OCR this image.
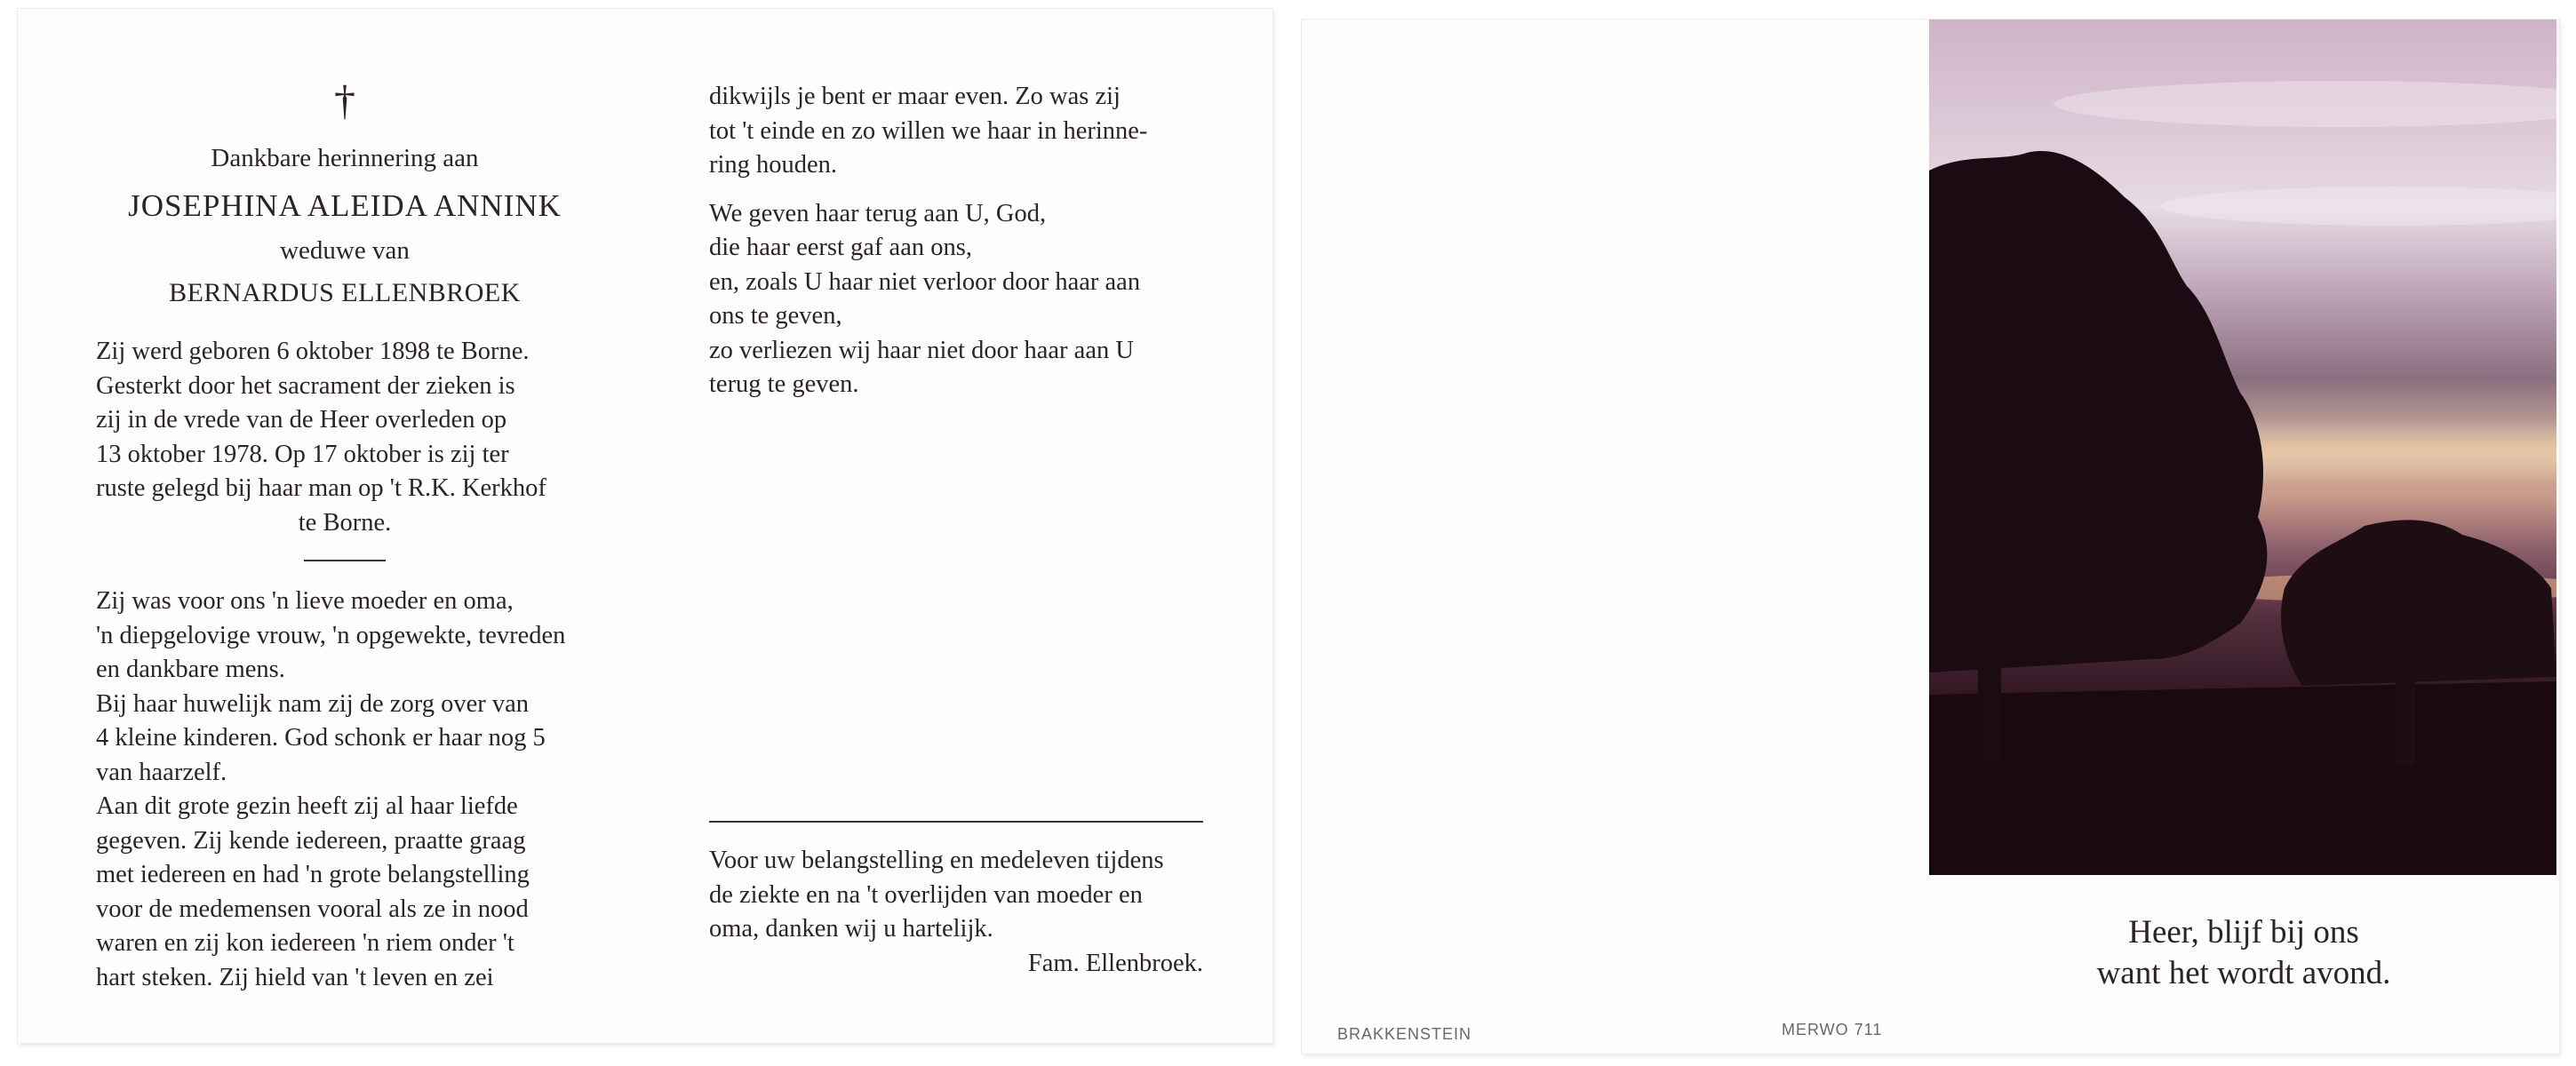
†
Dankbare herinnering aan
JOSEPHINA ALEIDA ANNINK
weduwe van
BERNARDUS ELLENBROEK
Zij werd geboren 6 oktober 1898 te Borne.
Gesterkt door het sacrament der zieken is
zij in de vrede van de Heer overleden op
13 oktober 1978. Op 17 oktober is zij ter
ruste gelegd bij haar man op 't R.K. Kerkhof
te Borne.
Zij was voor ons 'n lieve moeder en oma,
'n diepgelovige vrouw, 'n opgewekte, tevreden
en dankbare mens.
Bij haar huwelijk nam zij de zorg over van
4 kleine kinderen. God schonk er haar nog 5
van haarzelf.
Aan dit grote gezin heeft zij al haar liefde
gegeven. Zij kende iedereen, praatte graag
met iedereen en had 'n grote belangstelling
voor de medemensen vooral als ze in nood
waren en zij kon iedereen 'n riem onder 't
hart steken. Zij hield van 't leven en zei
dikwijls je bent er maar even. Zo was zij
tot 't einde en zo willen we haar in herinne-
ring houden.
We geven haar terug aan U, God,
die haar eerst gaf aan ons,
en, zoals U haar niet verloor door haar aan
ons te geven,
zo verliezen wij haar niet door haar aan U
terug te geven.
Voor uw belangstelling en medeleven tijdens
de ziekte en na 't overlijden van moeder en
oma, danken wij u hartelijk.
Fam. Ellenbroek.
Heer, blijf bij ons
want het wordt avond.
BRAKKENSTEIN	MERWO 711
